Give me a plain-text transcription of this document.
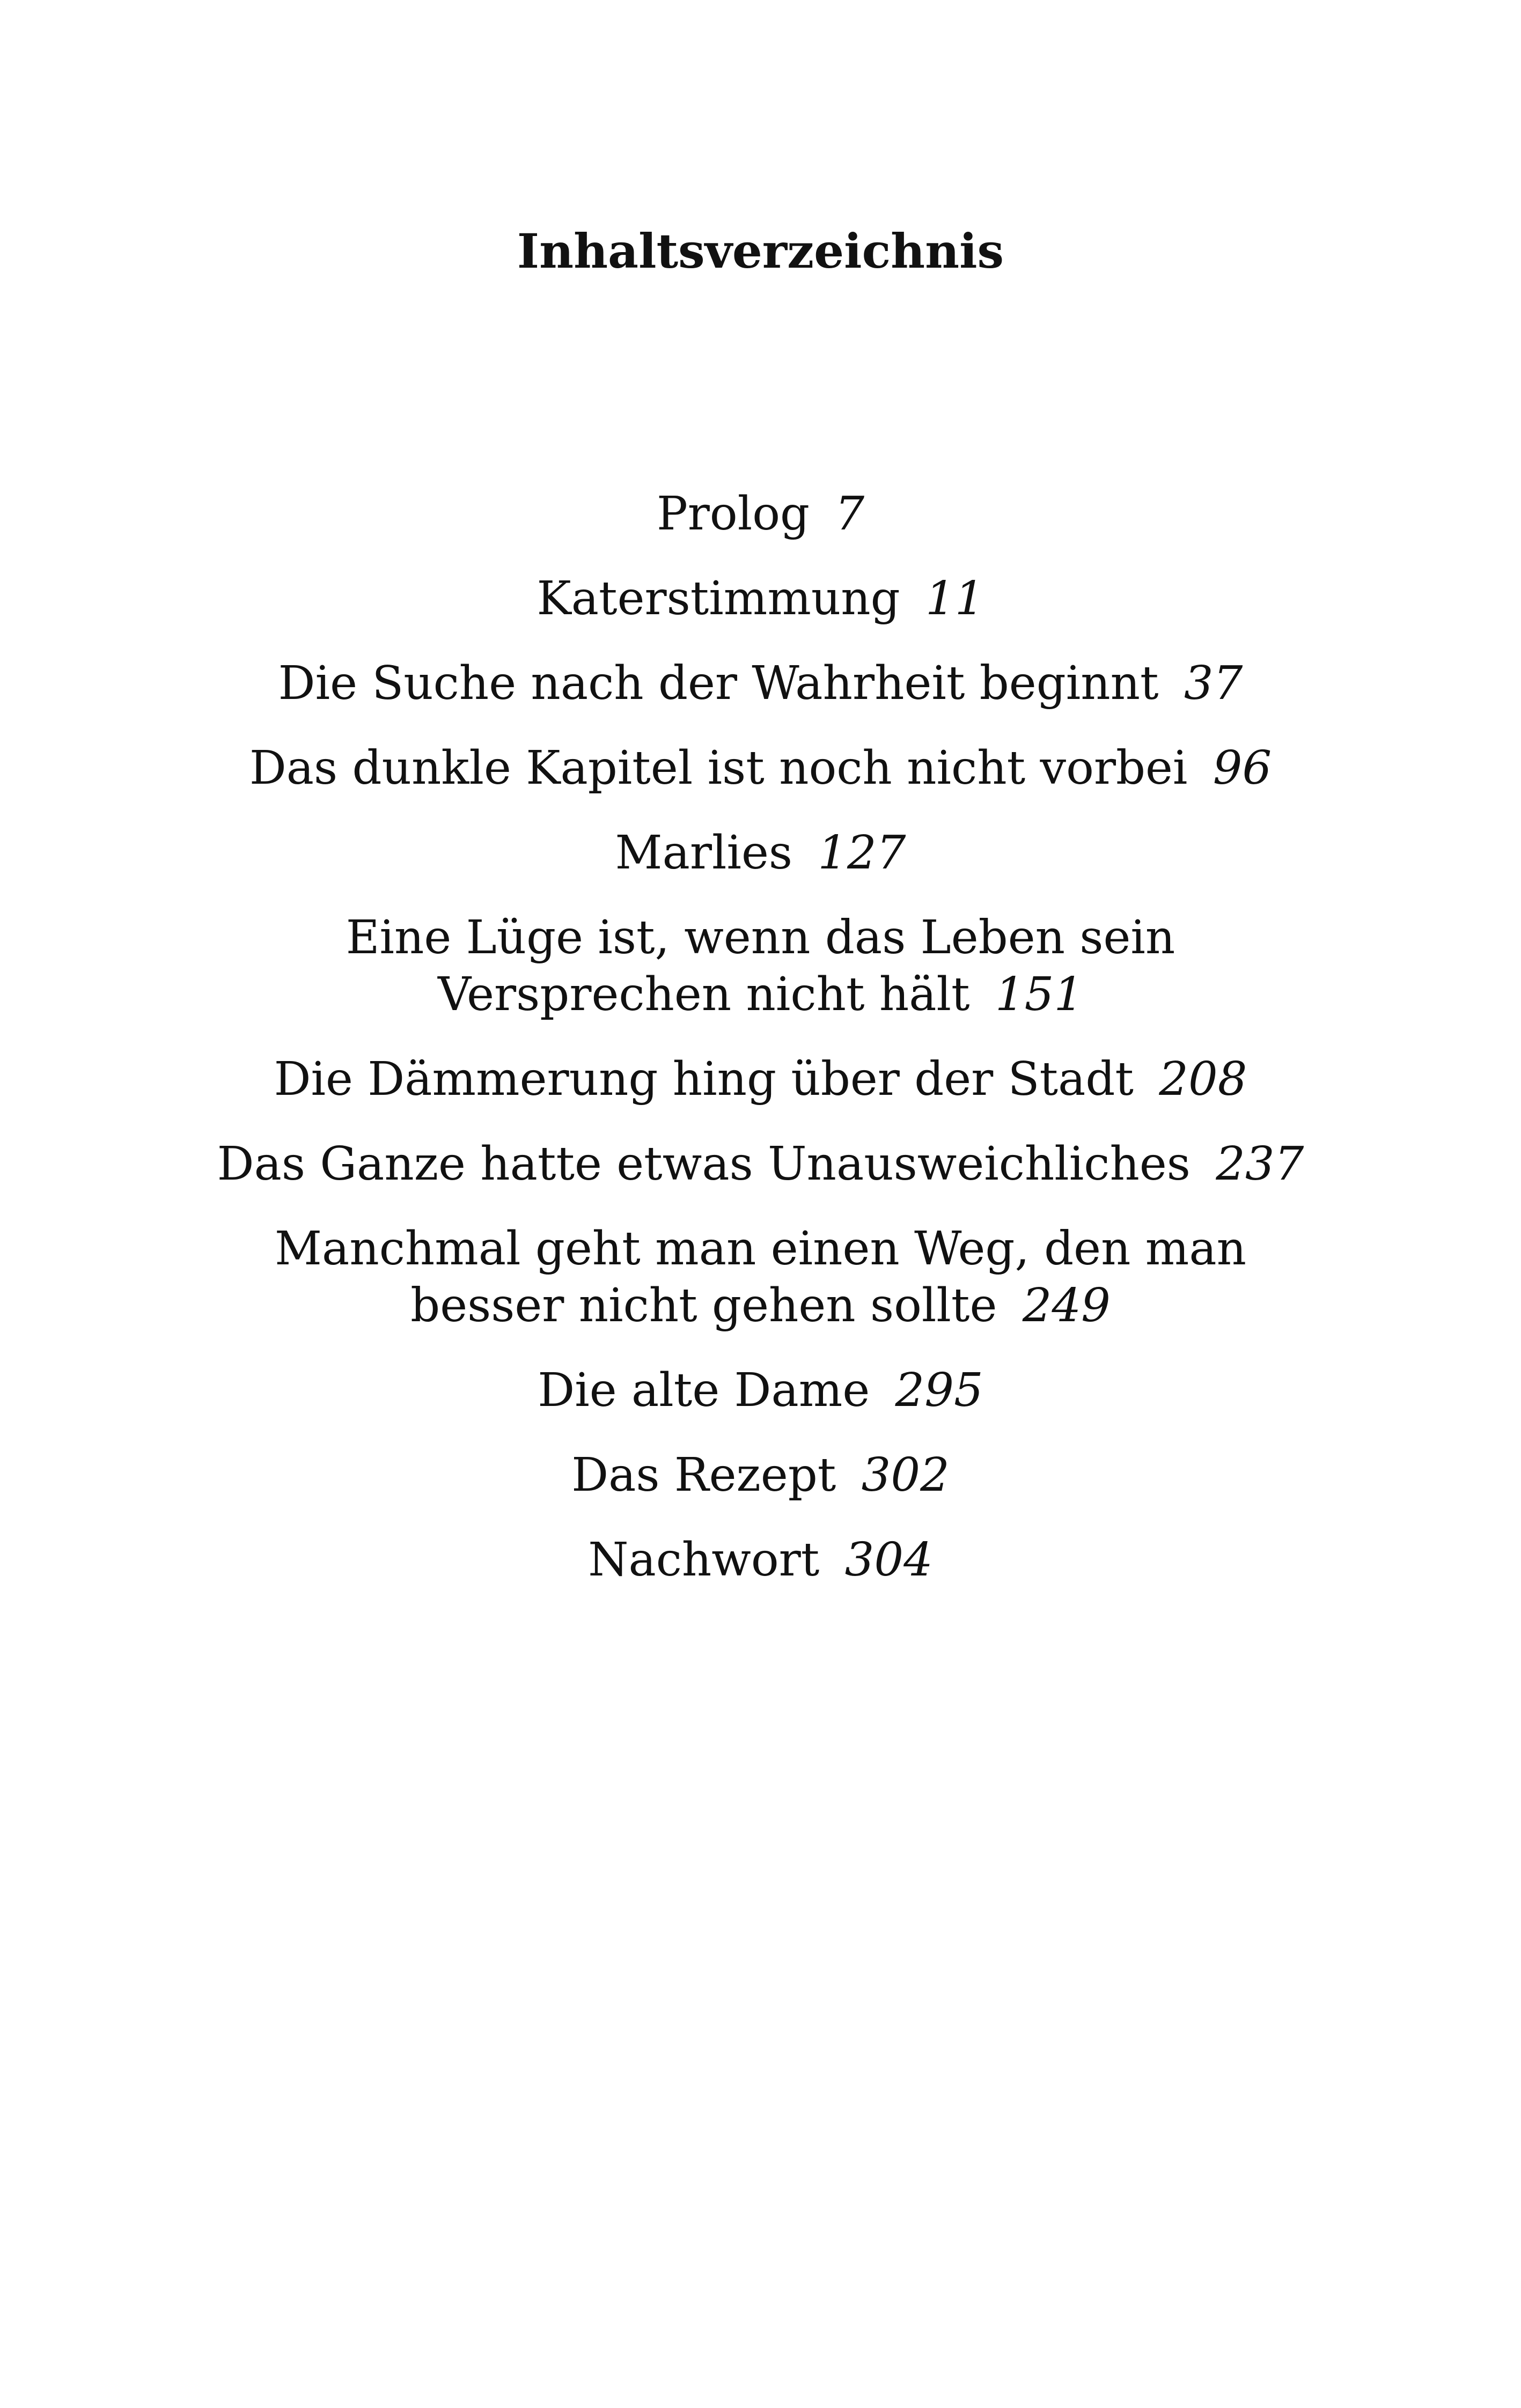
Inhaltsverzeichnis
Prolog 7
Katerstimmung 11
Die Suche nach der Wahrheit beginnt 37
Das dunkle Kapitel ist noch nicht vorbei 96
Marlies 127
Eine Lüge ist, wenn das Leben sein Versprechen nicht hält 151
Die Dämmerung hing über der Stadt 208
Das Ganze hatte etwas Unausweichliches 237
Manchmal geht man einen Weg, den man besser nicht gehen sollte 249
Die alte Dame 295
Das Rezept 302
Nachwort 304
